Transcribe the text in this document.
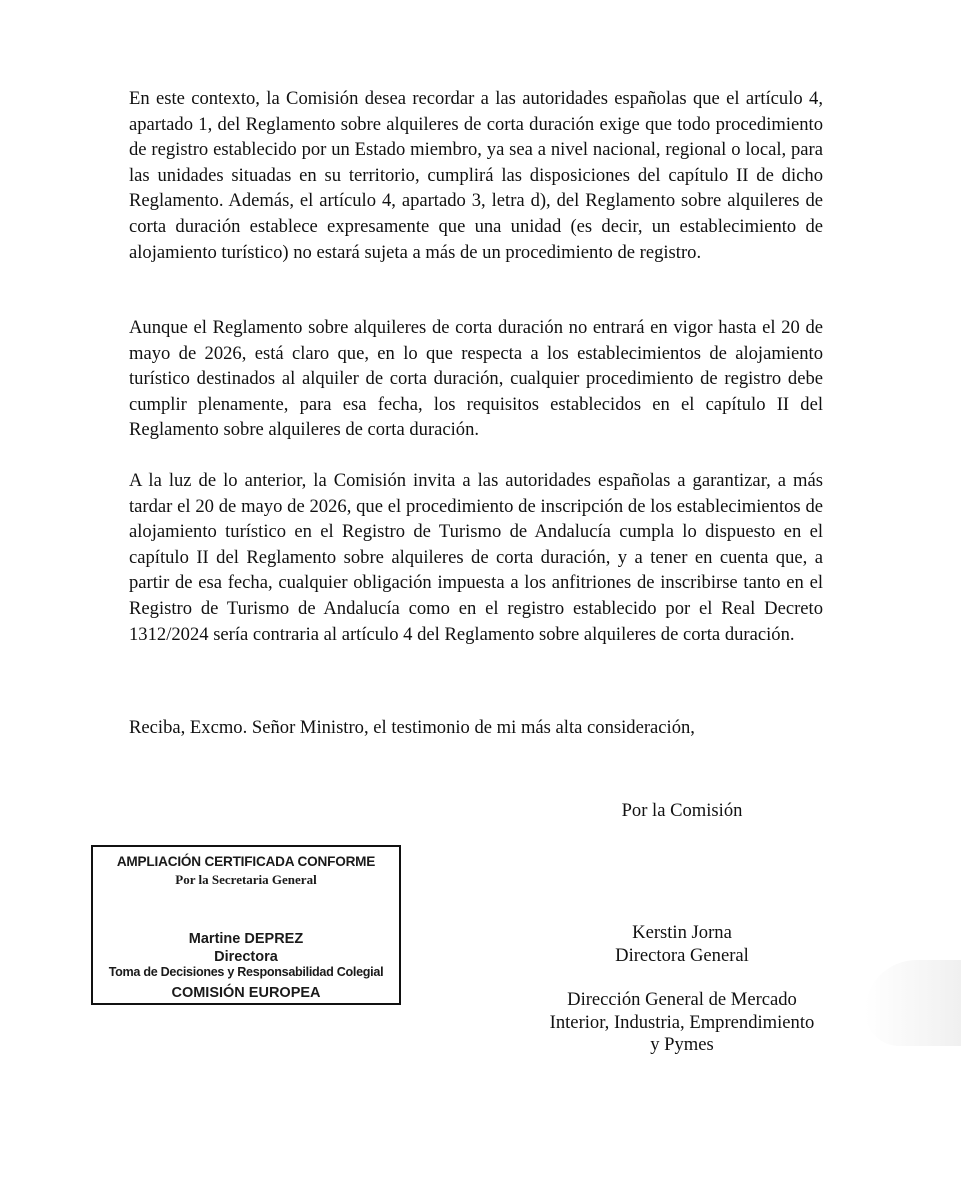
En este contexto, la Comisión desea recordar a las autoridades españolas que el artículo 4, apartado 1, del Reglamento sobre alquileres de corta duración exige que todo procedimiento de registro establecido por un Estado miembro, ya sea a nivel nacional, regional o local, para las unidades situadas en su territorio, cumplirá las disposiciones del capítulo II de dicho Reglamento. Además, el artículo 4, apartado 3, letra d), del Reglamento sobre alquileres de corta duración establece expresamente que una unidad (es decir, un establecimiento de alojamiento turístico) no estará sujeta a más de un procedimiento de registro.

Aunque el Reglamento sobre alquileres de corta duración no entrará en vigor hasta el 20 de mayo de 2026, está claro que, en lo que respecta a los establecimientos de alojamiento turístico destinados al alquiler de corta duración, cualquier procedimiento de registro debe cumplir plenamente, para esa fecha, los requisitos establecidos en el capítulo II del Reglamento sobre alquileres de corta duración.

A la luz de lo anterior, la Comisión invita a las autoridades españolas a garantizar, a más tardar el 20 de mayo de 2026, que el procedimiento de inscripción de los establecimientos de alojamiento turístico en el Registro de Turismo de Andalucía cumpla lo dispuesto en el capítulo II del Reglamento sobre alquileres de corta duración, y a tener en cuenta que, a partir de esa fecha, cualquier obligación impuesta a los anfitriones de inscribirse tanto en el Registro de Turismo de Andalucía como en el registro establecido por el Real Decreto 1312/2024 sería contraria al artículo 4 del Reglamento sobre alquileres de corta duración.

Reciba, Excmo. Señor Ministro, el testimonio de mi más alta consideración,

Por la Comisión
Kerstin Jorna
Directora General
Dirección General de Mercado
Interior, Industria, Emprendimiento
y Pymes
AMPLIACIÓN CERTIFICADA CONFORME
Por la Secretaria General
Martine DEPREZ
Directora
Toma de Decisiones y Responsabilidad Colegial
COMISIÓN EUROPEA
